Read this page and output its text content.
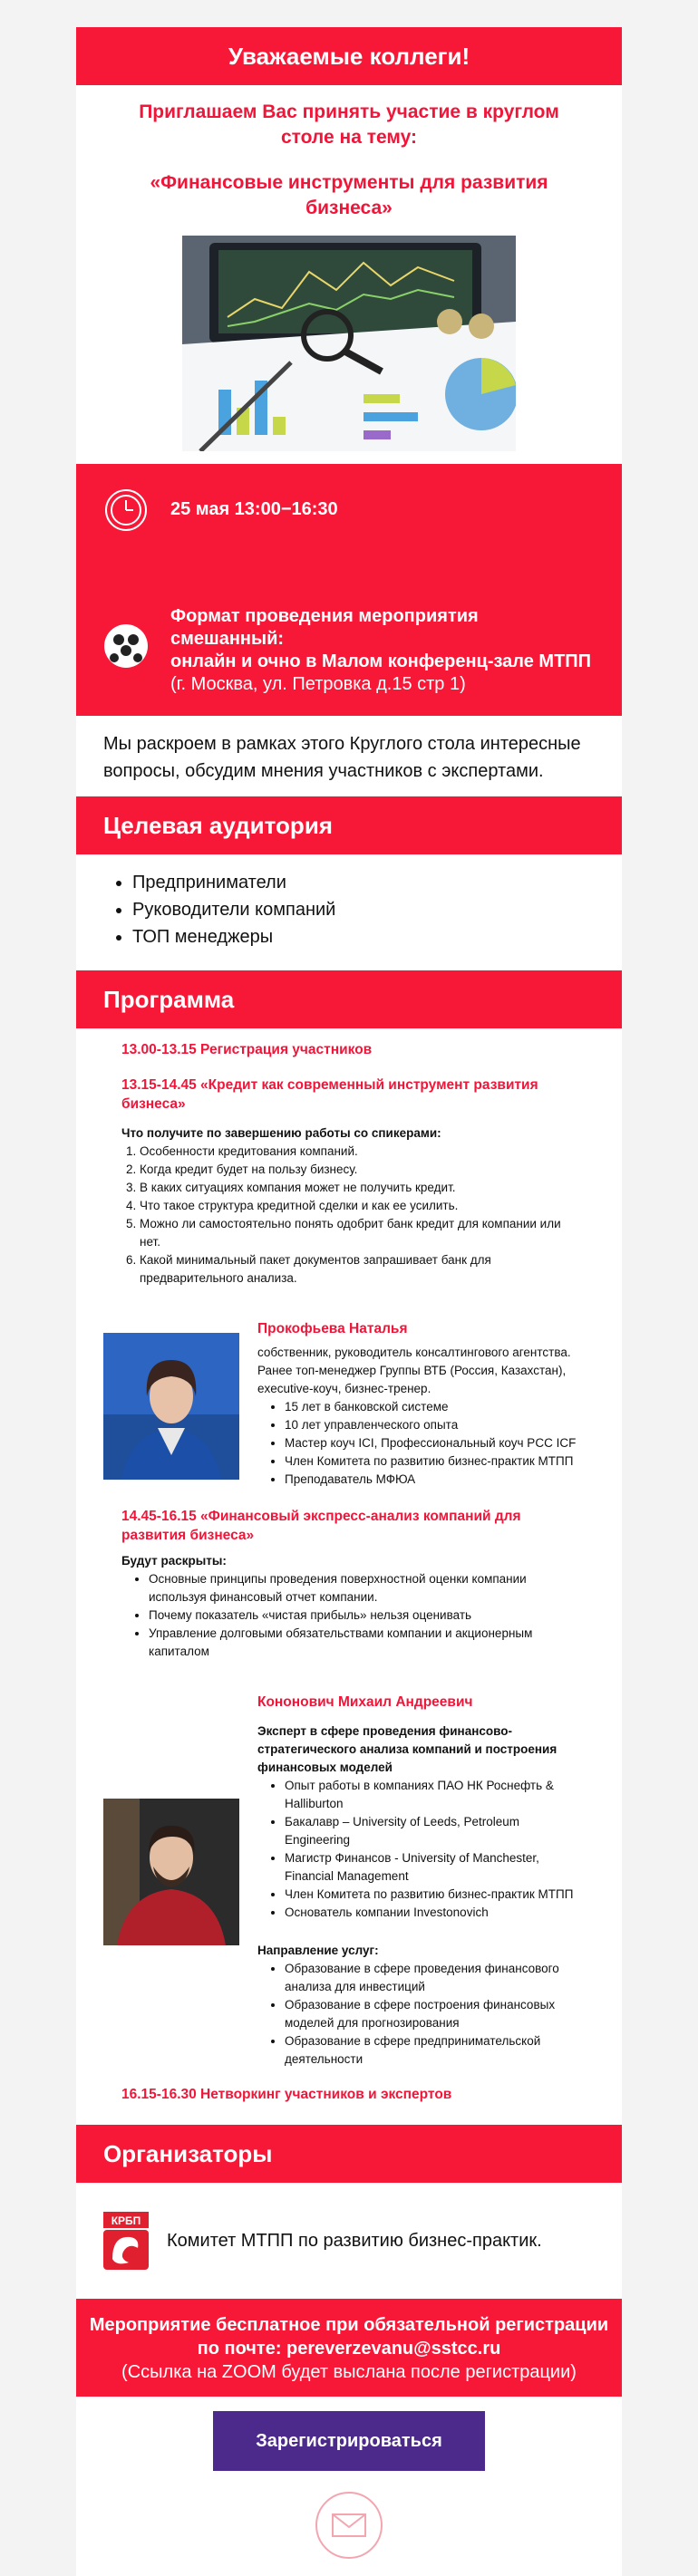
Уважаемые коллеги!

Приглашаем Вас принять участие в круглом столе на тему:

«Финансовые инструменты для развития бизнеса»

25 мая 13:00−16:30
Формат проведения мероприятия смешанный:
онлайн и очно в Малом конференц-зале МТПП
(г. Москва, ул. Петровка д.15 стр 1)
Мы раскроем в рамках этого Круглого стола интересные вопросы, обсудим мнения участников с экспертами.
Целевая аудитория
• Предприниматели
• Руководители компаний
• ТОП менеджеры
Программа
13.00-13.15 Регистрация участников
13.15-14.45 «Кредит как современный инструмент развития бизнеса»
Что получите по завершению работы со спикерами:
1. Особенности кредитования компаний.
2. Когда кредит будет на пользу бизнесу.
3. В каких ситуациях компания может не получить кредит.
4. Что такое структура кредитной сделки и как ее усилить.
5. Можно ли самостоятельно понять одобрит банк кредит для компании или нет.
6. Какой минимальный пакет документов запрашивает банк для предварительного анализа.
Прокофьева Наталья
собственник, руководитель консалтингового агентства. Ранее топ-менеджер Группы ВТБ (Россия, Казахстан), executive-коуч, бизнес-тренер.
• 15 лет в банковской системе
• 10 лет управленческого опыта
• Мастер коуч ICI, Профессиональный коуч PCC ICF
• Член Комитета по развитию бизнес-практик МТПП
• Преподаватель МФЮА
14.45-16.15 «Финансовый экспресс-анализ компаний для развития бизнеса»
Будут раскрыты:
• Основные принципы проведения поверхностной оценки компании используя финансовый отчет компании.
• Почему показатель «чистая прибыль» нельзя оценивать
• Управление долговыми обязательствами компании и акционерным капиталом
Кононович Михаил Андреевич
Эксперт в сфере проведения финансово-стратегического анализа компаний и построения финансовых моделей
• Опыт работы в компаниях ПАО НК Роснефть & Halliburton
• Бакалавр – University of Leeds, Petroleum Engineering
• Магистр Финансов - University of Manchester, Financial Management
• Член Комитета по развитию бизнес-практик МТПП
• Основатель компании Investonovich
Направление услуг:
• Обрaзование в сфере проведения финансового анализа для инвестиций
• Обрaзование в сфере построения финансовых моделей для прогнозирования
• Обрaзование в сфере предпринимательской деятельности
16.15-16.30 Нетворкинг участников и экспертов
Организаторы
КРБП
Комитет МТПП по развитию бизнес-практик.
Мероприятие бесплатное при обязательной регистрации по почте: pereverzevanu@sstcc.ru
(Ссылка на ZOOM будет выслана после регистрации)
Зарегистрироваться
